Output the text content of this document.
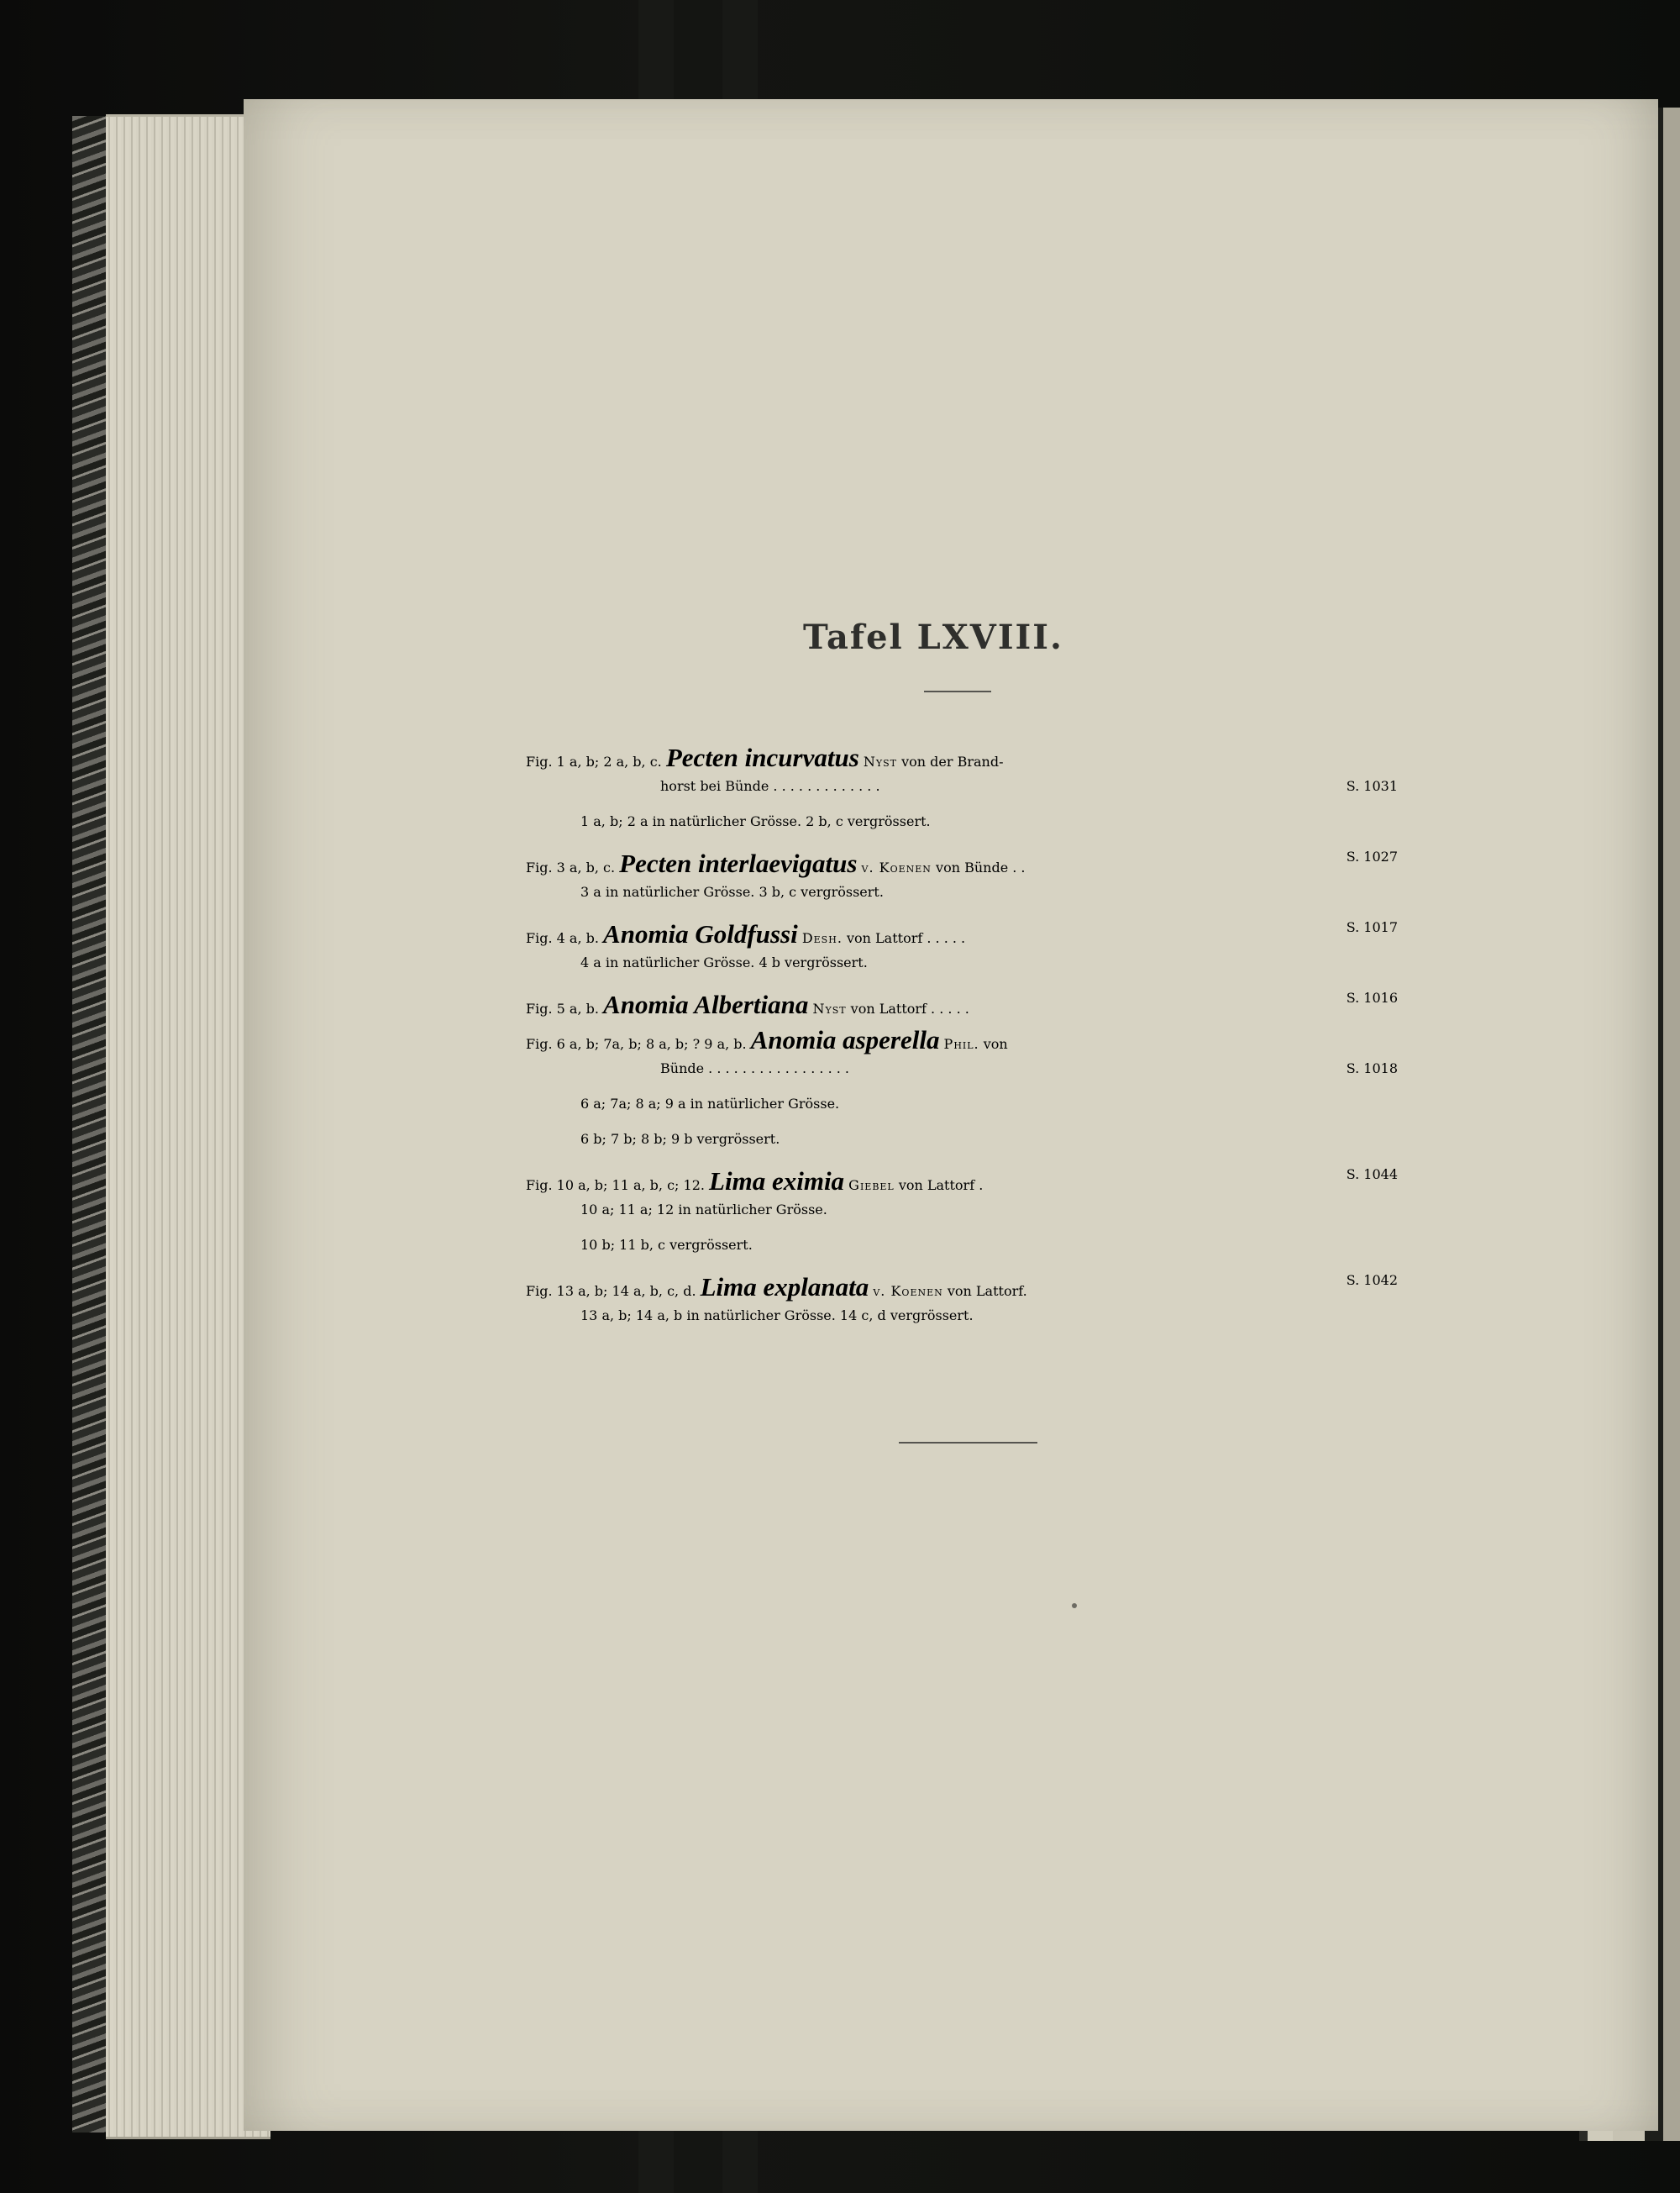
Tafel LXVIII.
Fig. 1 a, b; 2 a, b, c. Pecten incurvatus Nyst von der Brand-
horst bei Bünde . . . . . . . . . . . . .	S. 1031
1 a, b; 2 a in natürlicher Grösse. 2 b, c vergrössert.
Fig. 3 a, b, c. Pecten interlaevigatus v. Koenen von Bünde . .
S. 1027
3 a in natürlicher Grösse. 3 b, c vergrössert.
Fig. 4 a, b. Anomia Goldfussi Desh. von Lattorf . . . . .
S. 1017
4 a in natürlicher Grösse. 4 b vergrössert.
Fig. 5 a, b. Anomia Albertiana Nyst von Lattorf . . . . .
S. 1016
Fig. 6 a, b; 7a, b; 8 a, b; ? 9 a, b. Anomia asperella Phil. von
Bünde . . . . . . . . . . . . . . . . .	S. 1018
6 a; 7a; 8 a; 9 a in natürlicher Grösse.
6 b; 7 b; 8 b; 9 b vergrössert.
Fig. 10 a, b; 11 a, b, c; 12. Lima eximia Giebel von Lattorf .
S. 1044
10 a; 11 a; 12 in natürlicher Grösse.
10 b; 11 b, c vergrössert.
Fig. 13 a, b; 14 a, b, c, d. Lima explanata v. Koenen von Lattorf.
S. 1042
13 a, b; 14 a, b in natürlicher Grösse. 14 c, d vergrössert.
